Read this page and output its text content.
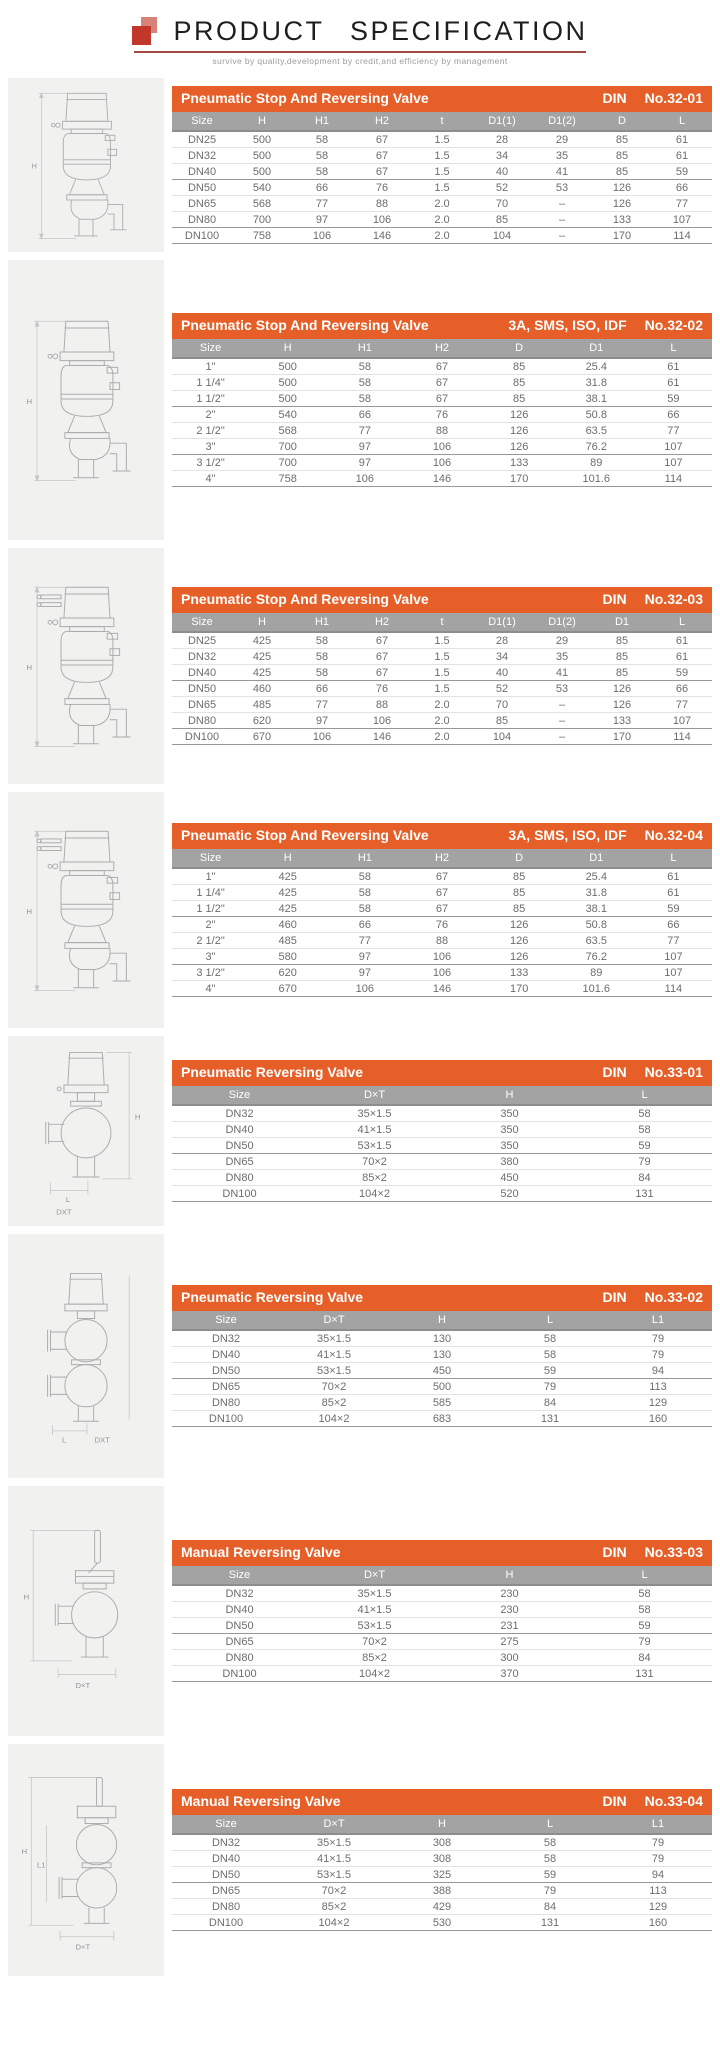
PRODUCT SPECIFICATION
survive by quality,development by credit,and efficiency by management
H
Pneumatic Stop And Reversing Valve	DIN No.32-01
Size	H	H1	H2	t	D1(1)	D1(2)	D	L
DN25	500	58	67	1.5	28	29	85	61
DN32	500	58	67	1.5	34	35	85	61
DN40	500	58	67	1.5	40	41	85	59
DN50	540	66	76	1.5	52	53	126	66
DN65	568	77	88	2.0	70	–	126	77
DN80	700	97	106	2.0	85	–	133	107
DN100	758	106	146	2.0	104	–	170	114
H
Pneumatic Stop And Reversing Valve	3A, SMS, ISO, IDF No.32-02
Size	H	H1	H2	D	D1	L
1"	500	58	67	85	25.4	61
1 1/4"	500	58	67	85	31.8	61
1 1/2"	500	58	67	85	38.1	59
2"	540	66	76	126	50.8	66
2 1/2"	568	77	88	126	63.5	77
3"	700	97	106	126	76.2	107
3 1/2"	700	97	106	133	89	107
4"	758	106	146	170	101.6	114
H
Pneumatic Stop And Reversing Valve	DIN No.32-03
Size	H	H1	H2	t	D1(1)	D1(2)	D1	L
DN25	425	58	67	1.5	28	29	85	61
DN32	425	58	67	1.5	34	35	85	61
DN40	425	58	67	1.5	40	41	85	59
DN50	460	66	76	1.5	52	53	126	66
DN65	485	77	88	2.0	70	–	126	77
DN80	620	97	106	2.0	85	–	133	107
DN100	670	106	146	2.0	104	–	170	114
H
Pneumatic Stop And Reversing Valve	3A, SMS, ISO, IDF No.32-04
Size	H	H1	H2	D	D1	L
1"	425	58	67	85	25.4	61
1 1/4"	425	58	67	85	31.8	61
1 1/2"	425	58	67	85	38.1	59
2"	460	66	76	126	50.8	66
2 1/2"	485	77	88	126	63.5	77
3"	580	97	106	126	76.2	107
3 1/2"	620	97	106	133	89	107
4"	670	106	146	170	101.6	114
H
L
DXT
Pneumatic Reversing Valve	DIN No.33-01
Size	D×T	H	L
DN32	35×1.5	350	58
DN40	41×1.5	350	58
DN50	53×1.5	350	59
DN65	70×2	380	79
DN80	85×2	450	84
DN100	104×2	520	131
L	DXT
Pneumatic Reversing Valve	DIN No.33-02
Size	D×T	H	L	L1
DN32	35×1.5	130	58	79
DN40	41×1.5	130	58	79
DN50	53×1.5	450	59	94
DN65	70×2	500	79	113
DN80	85×2	585	84	129
DN100	104×2	683	131	160
H
D×T
Manual Reversing Valve	DIN No.33-03
Size	D×T	H	L
DN32	35×1.5	230	58
DN40	41×1.5	230	58
DN50	53×1.5	231	59
DN65	70×2	275	79
DN80	85×2	300	84
DN100	104×2	370	131
L1
D×T
H
Manual Reversing Valve	DIN No.33-04
Size	D×T	H	L	L1
DN32	35×1.5	308	58	79
DN40	41×1.5	308	58	79
DN50	53×1.5	325	59	94
DN65	70×2	388	79	113
DN80	85×2	429	84	129
DN100	104×2	530	131	160
